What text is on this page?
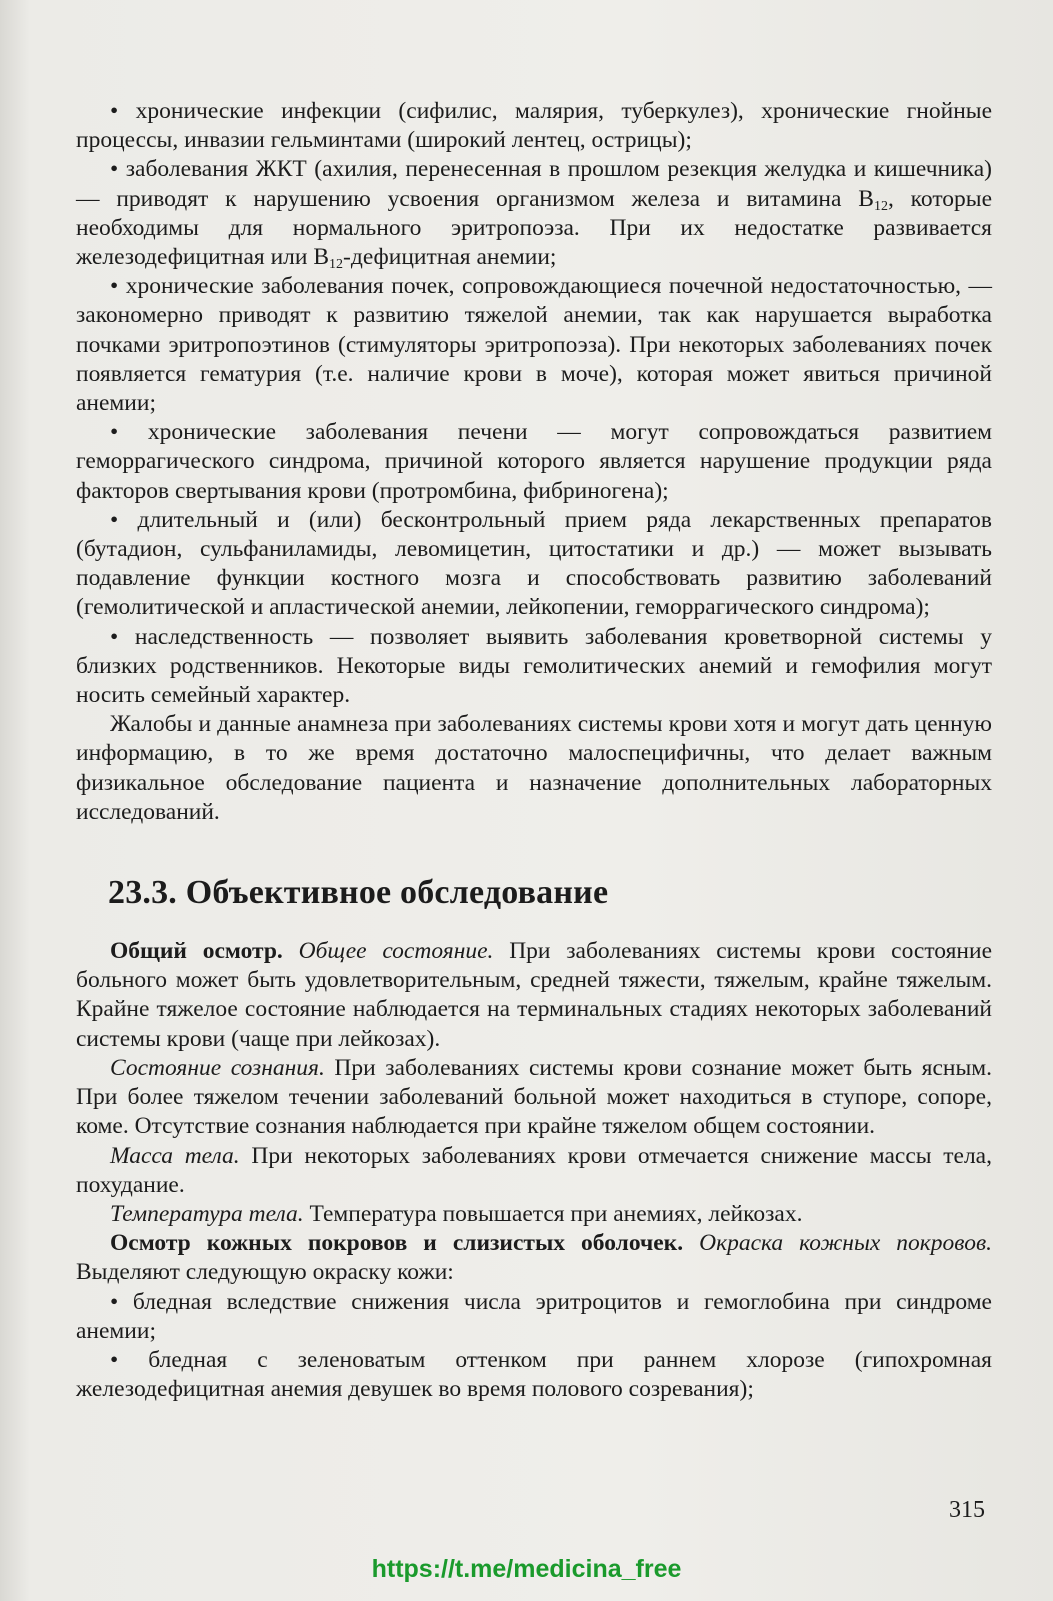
• хронические инфекции (сифилис, малярия, туберкулез), хронические гнойные процессы, инвазии гельминтами (широкий лентец, острицы);

• заболевания ЖКТ (ахилия, перенесенная в прошлом резекция желудка и кишечника) — приводят к нарушению усвоения организмом железа и витамина $В_{12}$, которые необходимы для нормального эритропоэза. При их недостатке развивается железодефицитная или $В_{12}$-дефицитная анемии;

• хронические заболевания почек, сопровождающиеся почечной недостаточностью, — закономерно приводят к развитию тяжелой анемии, так как нарушается выработка почками эритропоэтинов (стимуляторы эритропоэза). При некоторых заболеваниях почек появляется гематурия (т.е. наличие крови в моче), которая может явиться причиной анемии;

• хронические заболевания печени — могут сопровождаться развитием геморрагического синдрома, причиной которого является нарушение продукции ряда факторов свертывания крови (протромбина, фибриногена);

• длительный и (или) бесконтрольный прием ряда лекарственных препаратов (бутадион, сульфаниламиды, левомицетин, цитостатики и др.) — может вызывать подавление функции костного мозга и способствовать развитию заболеваний (гемолитической и апластической анемии, лейкопении, геморрагического синдрома);

• наследственность — позволяет выявить заболевания кроветворной системы у близких родственников. Некоторые виды гемолитических анемий и гемофилия могут носить семейный характер.

Жалобы и данные анамнеза при заболеваниях системы крови хотя и могут дать ценную информацию, в то же время достаточно малоспецифичны, что делает важным физикальное обследование пациента и назначение дополнительных лабораторных исследований.

23.3. Объективное обследование

Общий осмотр. Общее состояние. При заболеваниях системы крови состояние больного может быть удовлетворительным, средней тяжести, тяжелым, крайне тяжелым. Крайне тяжелое состояние наблюдается на терминальных стадиях некоторых заболеваний системы крови (чаще при лейкозах).

Состояние сознания. При заболеваниях системы крови сознание может быть ясным. При более тяжелом течении заболеваний больной может находиться в ступоре, сопоре, коме. Отсутствие сознания наблюдается при крайне тяжелом общем состоянии.

Масса тела. При некоторых заболеваниях крови отмечается снижение массы тела, похудание.

Температура тела. Температура повышается при анемиях, лейкозах.

Осмотр кожных покровов и слизистых оболочек. Окраска кожных покровов. Выделяют следующую окраску кожи:

• бледная вследствие снижения числа эритроцитов и гемоглобина при синдроме анемии;

• бледная с зеленоватым оттенком при раннем хлорозе (гипохромная железодефицитная анемия девушек во время полового созревания);

315
https://t.me/medicina_free
